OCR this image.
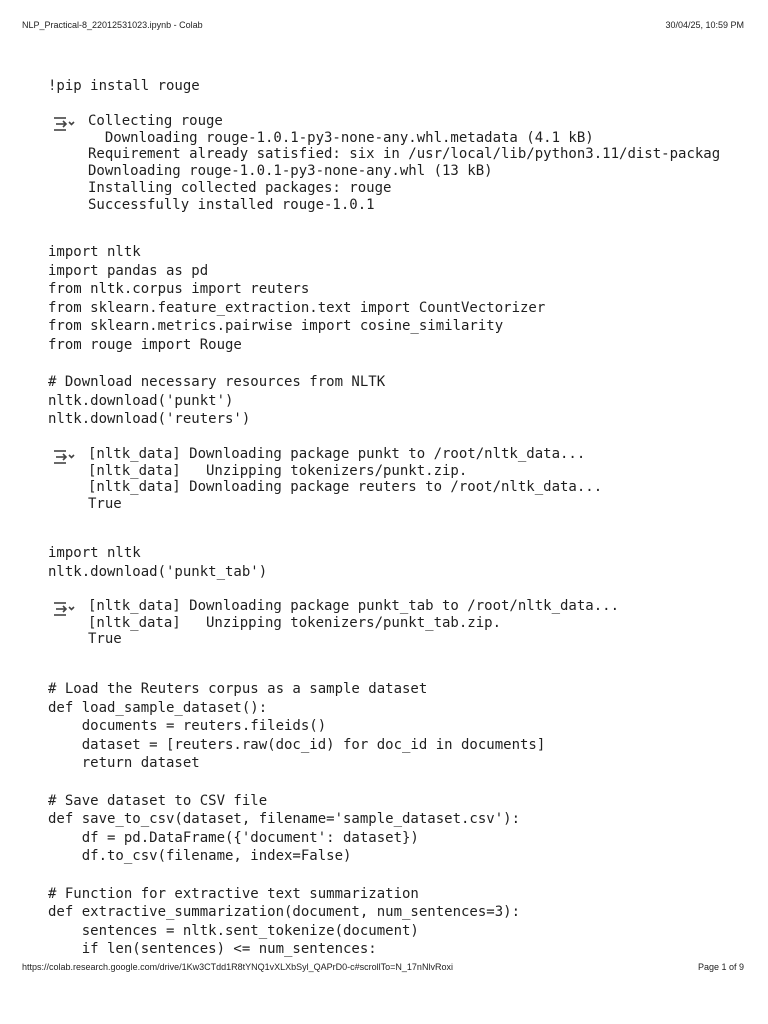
NLP_Practical-8_22012531023.ipynb - Colab	30/04/25, 10:59 PM
!pip install rouge
Collecting rouge
Downloading rouge-1.0.1-py3-none-any.whl.metadata (4.1 kB)
Requirement already satisfied: six in /usr/local/lib/python3.11/dist-packag
Downloading rouge-1.0.1-py3-none-any.whl (13 kB)
Installing collected packages: rouge
Successfully installed rouge-1.0.1
import nltk
import pandas as pd
from nltk.corpus import reuters
from sklearn.feature_extraction.text import CountVectorizer
from sklearn.metrics.pairwise import cosine_similarity
from rouge import Rouge

# Download necessary resources from NLTK
nltk.download('punkt')
nltk.download('reuters')
[nltk_data] Downloading package punkt to /root/nltk_data...
[nltk_data]   Unzipping tokenizers/punkt.zip.
[nltk_data] Downloading package reuters to /root/nltk_data...
True
import nltk
nltk.download('punkt_tab')
[nltk_data] Downloading package punkt_tab to /root/nltk_data...
[nltk_data]   Unzipping tokenizers/punkt_tab.zip.
True
# Load the Reuters corpus as a sample dataset
def load_sample_dataset():
documents = reuters.fileids()
dataset = [reuters.raw(doc_id) for doc_id in documents]
return dataset

# Save dataset to CSV file
def save_to_csv(dataset, filename='sample_dataset.csv'):
df = pd.DataFrame({'document': dataset})
df.to_csv(filename, index=False)

# Function for extractive text summarization
def extractive_summarization(document, num_sentences=3):
sentences = nltk.sent_tokenize(document)
if len(sentences) <= num_sentences:
https://colab.research.google.com/drive/1Kw3CTdd1R8tYNQ1vXLXbSyl_QAPrD0-c#scrollTo=N_17nNlvRoxi	Page 1 of 9
